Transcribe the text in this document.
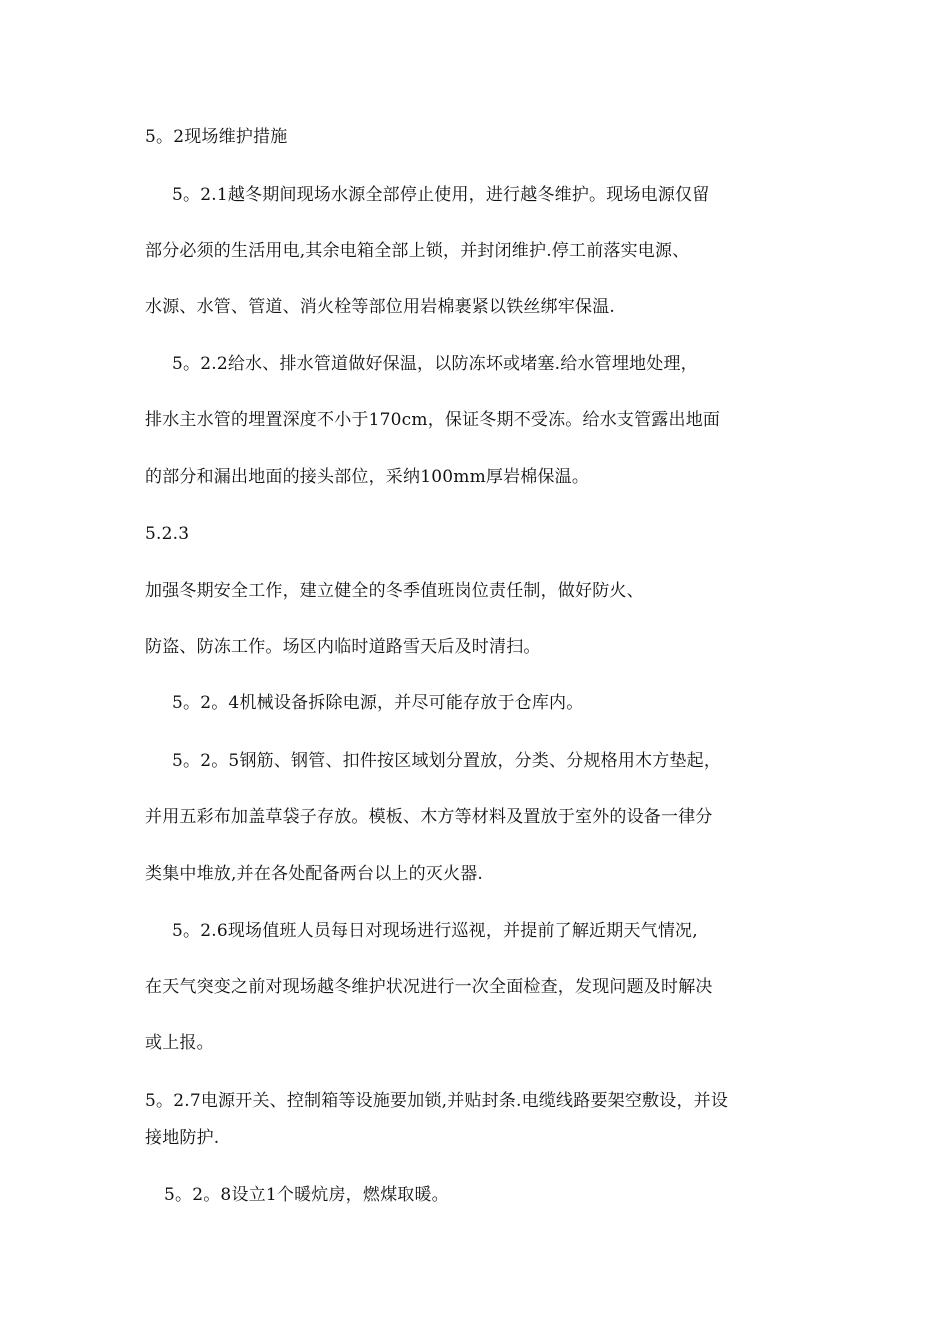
5。2现场维护措施
5。2.1越冬期间现场水源全部停止使用，进行越冬维护。现场电源仅留
部分必须的生活用电,其余电箱全部上锁，并封闭维护.停工前落实电源、
水源、水管、管道、消火栓等部位用岩棉裹紧以铁丝绑牢保温.
5。2.2给水、排水管道做好保温，以防冻坏或堵塞.给水管埋地处理，
排水主水管的埋置深度不小于170cm，保证冬期不受冻。给水支管露出地面
的部分和漏出地面的接头部位，采纳100mm厚岩棉保温。
5.2.3
加强冬期安全工作，建立健全的冬季值班岗位责任制，做好防火、
防盗、防冻工作。场区内临时道路雪天后及时清扫。
5。2。4机械设备拆除电源，并尽可能存放于仓库内。
5。2。5钢筋、钢管、扣件按区域划分置放，分类、分规格用木方垫起，
并用五彩布加盖草袋子存放。模板、木方等材料及置放于室外的设备一律分
类集中堆放,并在各处配备两台以上的灭火器.
5。2.6现场值班人员每日对现场进行巡视，并提前了解近期天气情况,
在天气突变之前对现场越冬维护状况进行一次全面检查，发现问题及时解决
或上报。
5。2.7电源开关、控制箱等设施要加锁,并贴封条.电缆线路要架空敷设，并设
接地防护.
5。2。8设立1个暖炕房，燃煤取暖。
